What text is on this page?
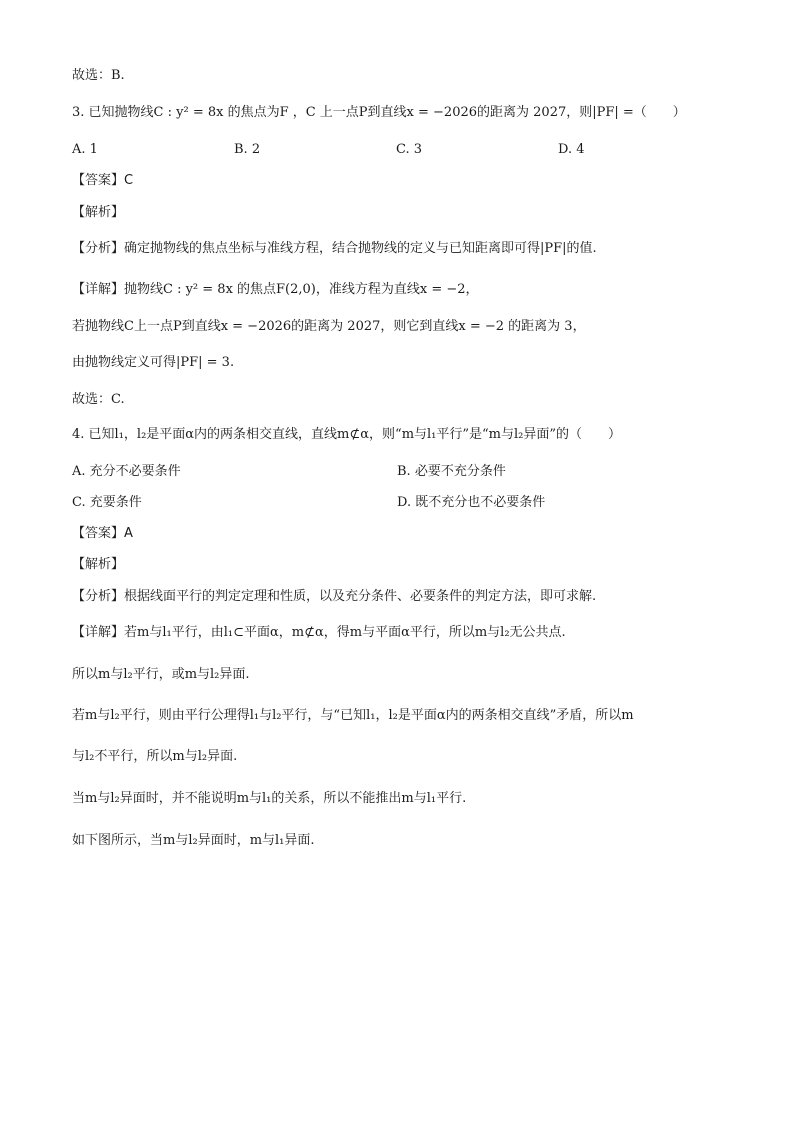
故选：B.
3. 已知抛物线C : y² = 8x 的焦点为F ，C 上一点P到直线x = −2026的距离为 2027，则|PF| =（　　）
A. 1	B. 2	C. 3	D. 4
【答案】C
【解析】
【分析】确定抛物线的焦点坐标与准线方程，结合抛物线的定义与已知距离即可得|PF|的值.
【详解】抛物线C : y² = 8x 的焦点F(2,0)，准线方程为直线x = −2，
若抛物线C上一点P到直线x = −2026的距离为 2027，则它到直线x = −2 的距离为 3，
由抛物线定义可得|PF| = 3.
故选：C.
4. 已知l₁，l₂是平面α内的两条相交直线，直线m⊄α，则“m与l₁平行”是“m与l₂异面”的（　　）
A. 充分不必要条件	B. 必要不充分条件
C. 充要条件	D. 既不充分也不必要条件
【答案】A
【解析】
【分析】根据线面平行的判定定理和性质，以及充分条件、必要条件的判定方法，即可求解.
【详解】若m与l₁平行，由l₁⊂平面α，m⊄α，得m与平面α平行，所以m与l₂无公共点.
所以m与l₂平行，或m与l₂异面.
若m与l₂平行，则由平行公理得l₁与l₂平行，与“已知l₁，l₂是平面α内的两条相交直线”矛盾，所以m
与l₂不平行，所以m与l₂异面.
当m与l₂异面时，并不能说明m与l₁的关系，所以不能推出m与l₁平行.
如下图所示，当m与l₂异面时，m与l₁异面.
